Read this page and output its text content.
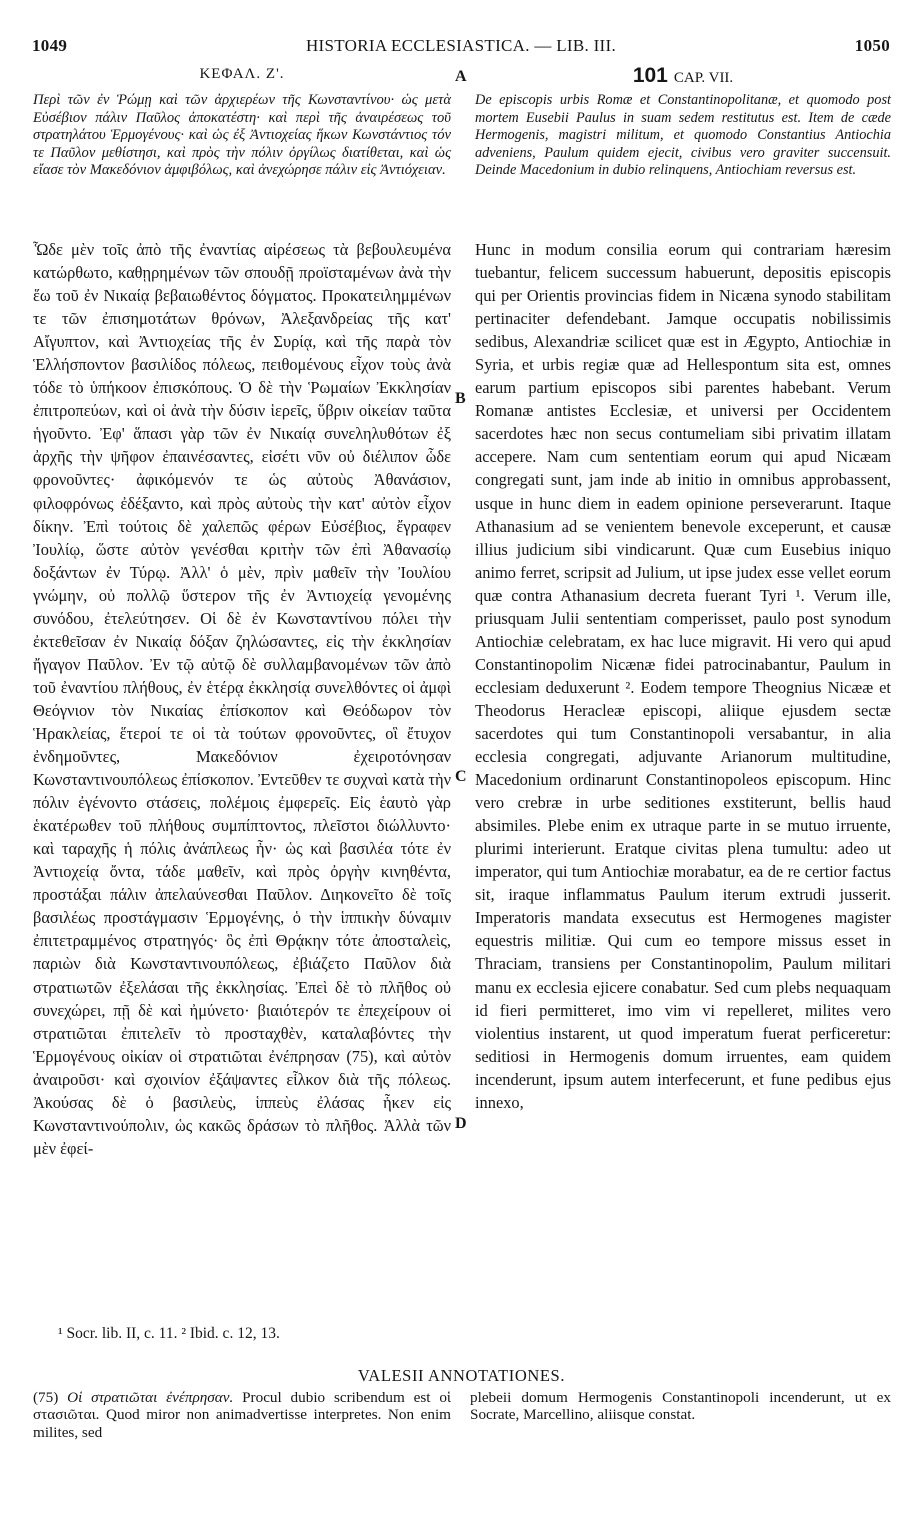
1049	HISTORIA ECCLESIASTICA. — LIB. III.	1050
ΚΕΦΑΛ. Ζ'.	101 CAP. VII.
Περὶ τῶν ἐν Ῥώμῃ καὶ τῶν ἀρχιερέων τῆς Κωνσταντίνου· ὡς μετὰ Εὐσέβιον πάλιν Παῦλος ἀποκατέστη· καὶ περὶ τῆς ἀναιρέσεως τοῦ στρατηλάτου Ἑρμογένους· καὶ ὡς ἐξ Ἀντιοχείας ἥκων Κωνστάντιος τόν τε Παῦλον μεθίστησι, καὶ πρὸς τὴν πόλιν ὀργίλως διατίθεται, καὶ ὡς εἴασε τὸν Μακεδόνιον ἀμφιβόλως, καὶ ἀνεχώρησε πάλιν εἰς Ἀντιόχειαν.
De episcopis urbis Romæ et Constantinopolitanæ, et quomodo post mortem Eusebii Paulus in suam sedem restitutus est. Item de cæde Hermogenis, magistri militum, et quomodo Constantius Antiochia adveniens, Paulum quidem ejecit, civibus vero graviter succensuit. Deinde Macedonium in dubio relinquens, Antiochiam reversus est.
A
B
C
D

Ὧδε μὲν τοῖς ἀπὸ τῆς ἐναντίας αἱρέσεως τὰ βεβουλευμένα κατώρθωτο, καθῃρημένων τῶν σπουδῇ προϊσταμένων ἀνὰ τὴν ἕω τοῦ ἐν Νικαίᾳ βεβαιωθέντος δόγματος. Προκατειλημμένων τε τῶν ἐπισημοτάτων θρόνων, Ἀλεξανδρείας τῆς κατ' Αἴγυπτον, καὶ Ἀντιοχείας τῆς ἐν Συρίᾳ, καὶ τῆς παρὰ τὸν Ἑλλήσποντον βασιλίδος πόλεως, πειθομένους εἶχον τοὺς ἀνὰ τόδε τὸ ὑπήκοον ἐπισκόπους. Ὁ δὲ τὴν Ῥωμαίων Ἐκκλησίαν ἐπιτροπεύων, καὶ οἱ ἀνὰ τὴν δύσιν ἱερεῖς, ὕβριν οἰκείαν ταῦτα ἡγοῦντο. Ἐφ' ἅπασι γὰρ τῶν ἐν Νικαίᾳ συνεληλυθότων ἐξ ἀρχῆς τὴν ψῆφον ἐπαινέσαντες, εἰσέτι νῦν οὐ διέλιπον ὧδε φρονοῦντες· ἀφικόμενόν τε ὡς αὐτοὺς Ἀθανάσιον, φιλοφρόνως ἐδέξαντο, καὶ πρὸς αὐτοὺς τὴν κατ' αὐτὸν εἶχον δίκην. Ἐπὶ τούτοις δὲ χαλεπῶς φέρων Εὐσέβιος, ἔγραφεν Ἰουλίῳ, ὥστε αὐτὸν γενέσθαι κριτὴν τῶν ἐπὶ Ἀθανασίῳ δοξάντων ἐν Τύρῳ. Ἀλλ' ὁ μὲν, πρὶν μαθεῖν τὴν Ἰουλίου γνώμην, οὐ πολλῷ ὕστερον τῆς ἐν Ἀντιοχείᾳ γενομένης συνόδου, ἐτελεύτησεν. Οἱ δὲ ἐν Κωνσταντίνου πόλει τὴν ἐκτεθεῖσαν ἐν Νικαίᾳ δόξαν ζηλώσαντες, εἰς τὴν ἐκκλησίαν ἤγαγον Παῦλον. Ἐν τῷ αὐτῷ δὲ συλλαμβανομένων τῶν ἀπὸ τοῦ ἐναντίου πλήθους, ἐν ἑτέρᾳ ἐκκλησίᾳ συνελθόντες οἱ ἀμφὶ Θεόγνιον τὸν Νικαίας ἐπίσκοπον καὶ Θεόδωρον τὸν Ἡρακλείας, ἕτεροί τε οἱ τὰ τούτων φρονοῦντες, οἳ ἔτυχον ἐνδημοῦντες, Μακεδόνιον ἐχειροτόνησαν Κωνσταντινουπόλεως ἐπίσκοπον. Ἐντεῦθεν τε συχναὶ κατὰ τὴν πόλιν ἐγένοντο στάσεις, πολέμοις ἐμφερεῖς. Εἰς ἑαυτὸ γὰρ ἑκατέρωθεν τοῦ πλήθους συμπίπτοντος, πλεῖστοι διώλλυντο· καὶ ταραχῆς ἡ πόλις ἀνάπλεως ἦν· ὡς καὶ βασιλέα τότε ἐν Ἀντιοχείᾳ ὄντα, τάδε μαθεῖν, καὶ πρὸς ὀργὴν κινηθέντα, προστάξαι πάλιν ἀπελαύνεσθαι Παῦλον. Διηκονεῖτο δὲ τοῖς βασιλέως προστάγμασιν Ἑρμογένης, ὁ τὴν ἱππικὴν δύναμιν ἐπιτετραμμένος στρατηγός· ὃς ἐπὶ Θρᾴκην τότε ἀποσταλεὶς, παριὼν διὰ Κωνσταντινουπόλεως, ἐβιάζετο Παῦλον διὰ στρατιωτῶν ἐξελάσαι τῆς ἐκκλησίας. Ἐπεὶ δὲ τὸ πλῆθος οὐ συνεχώρει, πῇ δὲ καὶ ἠμύνετο· βιαιότερόν τε ἐπεχείρουν οἱ στρατιῶται ἐπιτελεῖν τὸ προσταχθὲν, καταλαβόντες τὴν Ἑρμογένους οἰκίαν οἱ στρατιῶται ἐνέπρησαν (75), καὶ αὐτὸν ἀναιροῦσι· καὶ σχοινίον ἐξάψαντες εἷλκον διὰ τῆς πόλεως. Ἀκούσας δὲ ὁ βασιλεὺς, ἱππεὺς ἐλάσας ἧκεν εἰς Κωνσταντινούπολιν, ὡς κακῶς δράσων τὸ πλῆθος. Ἀλλὰ τῶν μὲν ἐφεί-

Hunc in modum consilia eorum qui contrariam hæresim tuebantur, felicem successum habuerunt, depositis episcopis qui per Orientis provincias fidem in Nicæna synodo stabilitam pertinaciter defendebant. Jamque occupatis nobilissimis sedibus, Alexandriæ scilicet quæ est in Ægypto, Antiochiæ in Syria, et urbis regiæ quæ ad Hellespontum sita est, omnes earum partium episcopos sibi parentes habebant. Verum Romanæ antistes Ecclesiæ, et universi per Occidentem sacerdotes hæc non secus contumeliam sibi privatim illatam accepere. Nam cum sententiam eorum qui apud Nicæam congregati sunt, jam inde ab initio in omnibus approbassent, usque in hunc diem in eadem opinione perseverarunt. Itaque Athanasium ad se venientem benevole exceperunt, et causæ illius judicium sibi vindicarunt. Quæ cum Eusebius iniquo animo ferret, scripsit ad Julium, ut ipse judex esse vellet eorum quæ contra Athanasium decreta fuerant Tyri ¹. Verum ille, priusquam Julii sententiam comperisset, paulo post synodum Antiochiæ celebratam, ex hac luce migravit. Hi vero qui apud Constantinopolim Nicænæ fidei patrocinabantur, Paulum in ecclesiam deduxerunt ². Eodem tempore Theognius Nicææ et Theodorus Heracleæ episcopi, aliique ejusdem sectæ sacerdotes qui tum Constantinopoli versabantur, in alia ecclesia congregati, adjuvante Arianorum multitudine, Macedonium ordinarunt Constantinopoleos episcopum. Hinc vero crebræ in urbe seditiones exstiterunt, bellis haud absimiles. Plebe enim ex utraque parte in se mutuo irruente, plurimi interierunt. Eratque civitas plena tumultu: adeo ut imperator, qui tum Antiochiæ morabatur, ea de re certior factus sit, iraque inflammatus Paulum iterum extrudi jusserit. Imperatoris mandata exsecutus est Hermogenes magister equestris militiæ. Qui cum eo tempore missus esset in Thraciam, transiens per Constantinopolim, Paulum militari manu ex ecclesia ejicere conabatur. Sed cum plebs nequaquam id fieri permitteret, imo vim vi repelleret, milites vero violentius instarent, ut quod imperatum fuerat perficeretur: seditiosi in Hermogenis domum irruentes, eam quidem incenderunt, ipsum autem interfecerunt, et fune pedibus ejus innexo,

¹ Socr. lib. II, c. 11. ² Ibid. c. 12, 13.
VALESII ANNOTATIONES.
(75) Οἱ στρατιῶται ἐνέπρησαν. Procul dubio scribendum est οἱ στασιῶται. Quod miror non animadvertisse interpretes. Non enim milites, sed
plebeii domum Hermogenis Constantinopoli incenderunt, ut ex Socrate, Marcellino, aliisque constat.
